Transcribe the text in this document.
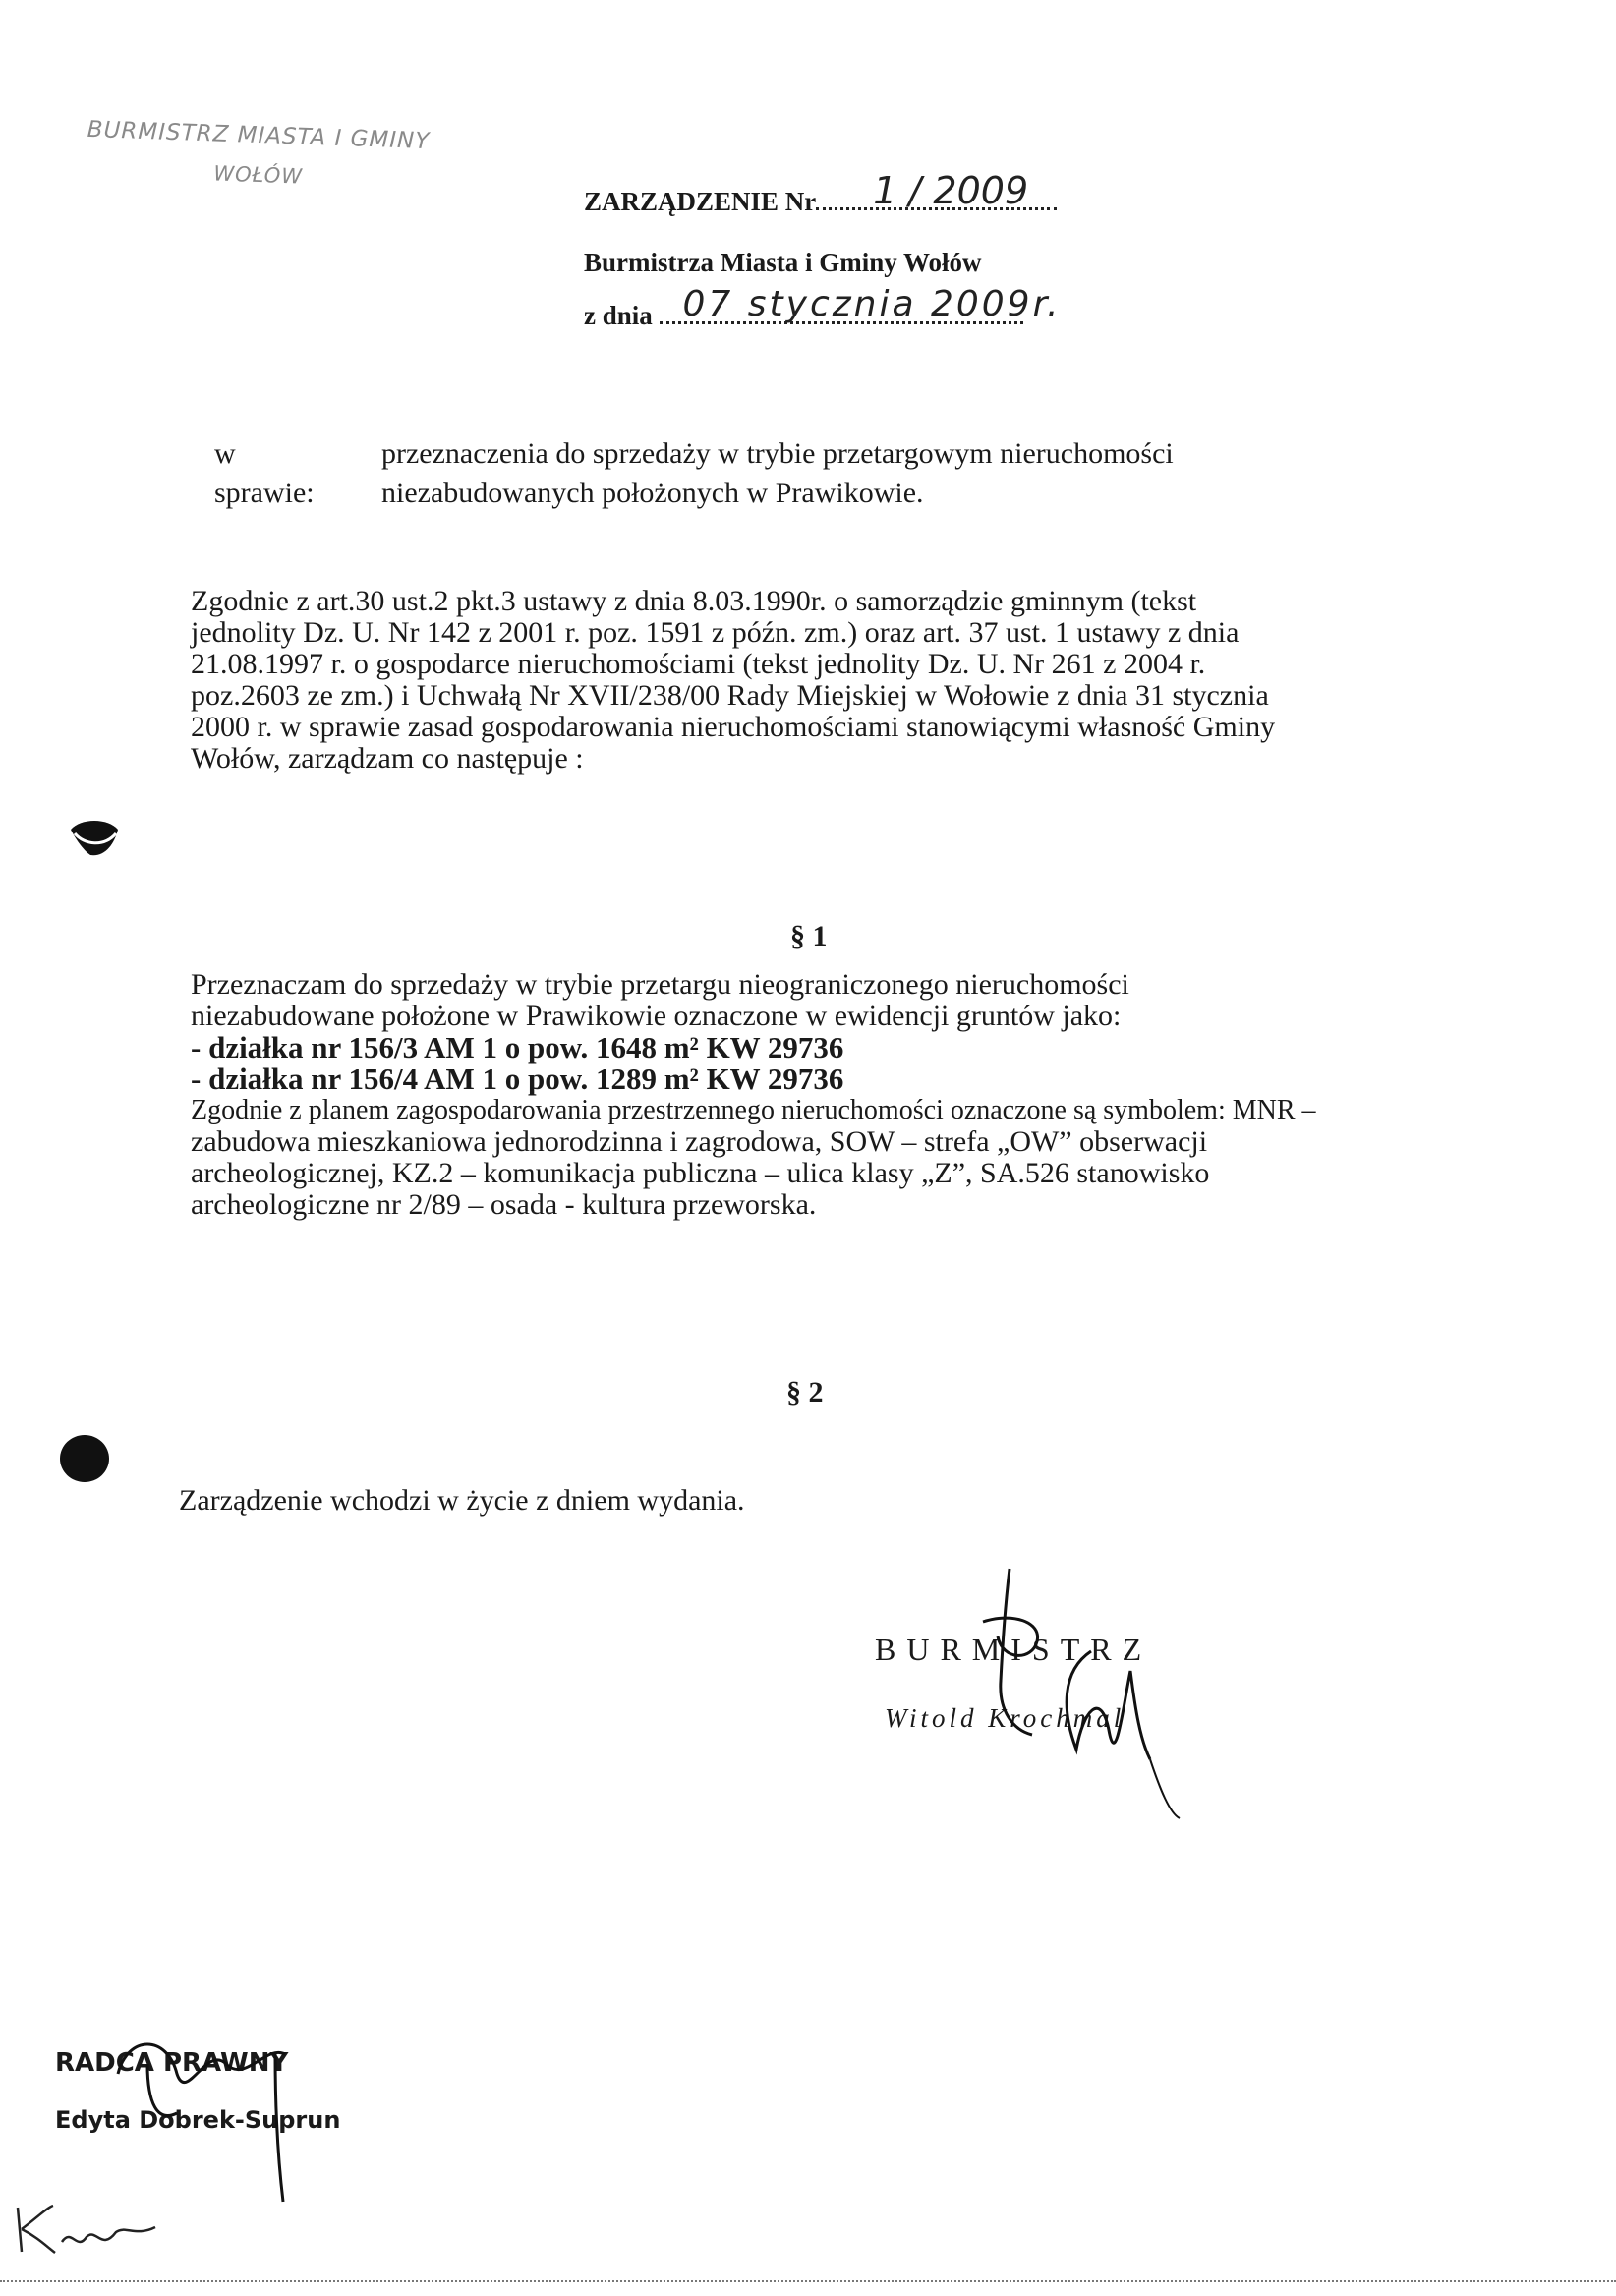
BURMISTRZ MIASTA I GMINY
WOŁÓW
ZARZĄDZENIE Nr 1 / 2009
Burmistrza Miasta i Gminy Wołów
z dnia 07 stycznia 2009r.
w sprawie:
przeznaczenia do sprzedaży w trybie przetargowym nieruchomości
niezabudowanych położonych w Prawikowie.
Zgodnie z art.30 ust.2 pkt.3 ustawy z dnia 8.03.1990r. o samorządzie gminnym (tekst
jednolity Dz. U. Nr 142 z 2001 r. poz. 1591 z późn. zm.) oraz art. 37 ust. 1 ustawy z dnia
21.08.1997 r. o gospodarce nieruchomościami (tekst jednolity Dz. U. Nr 261 z 2004 r.
poz.2603 ze zm.) i Uchwałą Nr XVII/238/00 Rady Miejskiej w Wołowie z dnia 31 stycznia
2000 r. w sprawie zasad gospodarowania nieruchomościami stanowiącymi własność Gminy
Wołów, zarządzam co następuje :
§ 1
Przeznaczam do sprzedaży w trybie przetargu nieograniczonego nieruchomości
niezabudowane położone w Prawikowie oznaczone w ewidencji gruntów jako:
- działka nr 156/3 AM 1 o pow. 1648 m² KW 29736
- działka nr 156/4 AM 1 o pow. 1289 m² KW 29736
Zgodnie z planem zagospodarowania przestrzennego nieruchomości oznaczone są symbolem: MNR –
zabudowa mieszkaniowa jednorodzinna i zagrodowa, SOW – strefa „OW” obserwacji
archeologicznej, KZ.2 – komunikacja publiczna – ulica klasy „Z”, SA.526 stanowisko
archeologiczne nr 2/89 – osada - kultura przeworska.
§ 2
Zarządzenie wchodzi w życie z dniem wydania.
BURMISTRZ
Witold Krochmal
RADCA PRAWNY
Edyta Dobrek-Suprun
